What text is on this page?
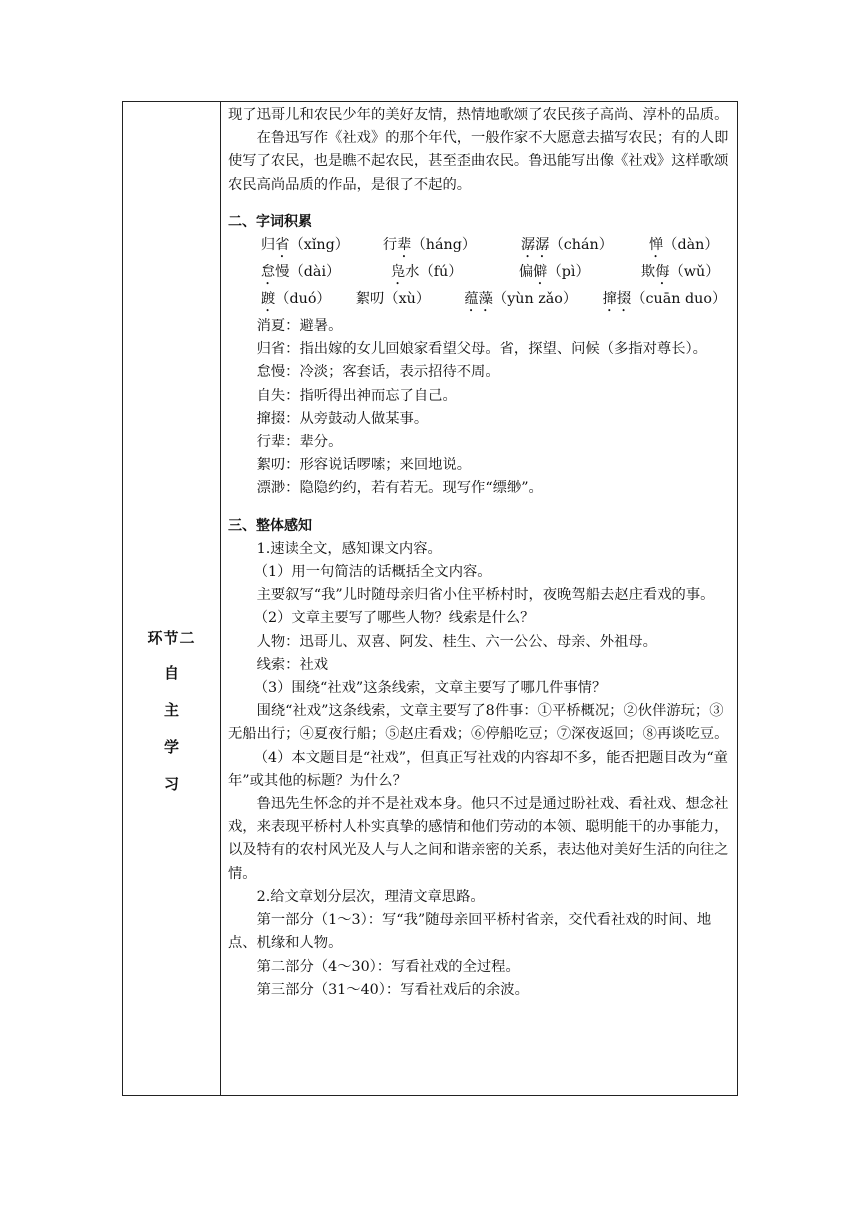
环节二
自
主
学
习

现了迅哥儿和农民少年的美好友情，热情地歌颂了农民孩子高尚、淳朴的品质。

在鲁迅写作《社戏》的那个年代，一般作家不大愿意去描写农民；有的人即使写了农民，也是瞧不起农民，甚至歪曲农民。鲁迅能写出像《社戏》这样歌颂农民高尚品质的作品，是很了不起的。

二、字词积累

归省（xǐng）	行辈（háng）	潺潺（chán）	惮（dàn）
怠慢（dài）	凫水（fú）	偏僻（pì）	欺侮（wǔ）
踱（duó）	絮叨（xù）	蕴藻（yùn zǎo）	撺掇（cuān duo）

消夏：避暑。

归省：指出嫁的女儿回娘家看望父母。省，探望、问候（多指对尊长）。

怠慢：冷淡；客套话，表示招待不周。

自失：指听得出神而忘了自己。

撺掇：从旁鼓动人做某事。

行辈：辈分。

絮叨：形容说话啰嗦；来回地说。

漂渺：隐隐约约，若有若无。现写作“缥缈”。

三、整体感知

1.速读全文，感知课文内容。

（1）用一句简洁的话概括全文内容。

主要叙写“我”儿时随母亲归省小住平桥村时，夜晚驾船去赵庄看戏的事。

（2）文章主要写了哪些人物？线索是什么？

人物：迅哥儿、双喜、阿发、桂生、六一公公、母亲、外祖母。

线索：社戏

（3）围绕“社戏”这条线索，文章主要写了哪几件事情？

围绕“社戏”这条线索，文章主要写了8件事：①平桥概况；②伙伴游玩；③无船出行；④夏夜行船；⑤赵庄看戏；⑥停船吃豆；⑦深夜返回；⑧再谈吃豆。

（4）本文题目是“社戏”，但真正写社戏的内容却不多，能否把题目改为“童年”或其他的标题？为什么？

鲁迅先生怀念的并不是社戏本身。他只不过是通过盼社戏、看社戏、想念社戏，来表现平桥村人朴实真挚的感情和他们劳动的本领、聪明能干的办事能力，以及特有的农村风光及人与人之间和谐亲密的关系，表达他对美好生活的向往之情。

2.给文章划分层次，理清文章思路。

第一部分（1～3）：写“我”随母亲回平桥村省亲，交代看社戏的时间、地点、机缘和人物。

第二部分（4～30）：写看社戏的全过程。

第三部分（31～40）：写看社戏后的余波。
